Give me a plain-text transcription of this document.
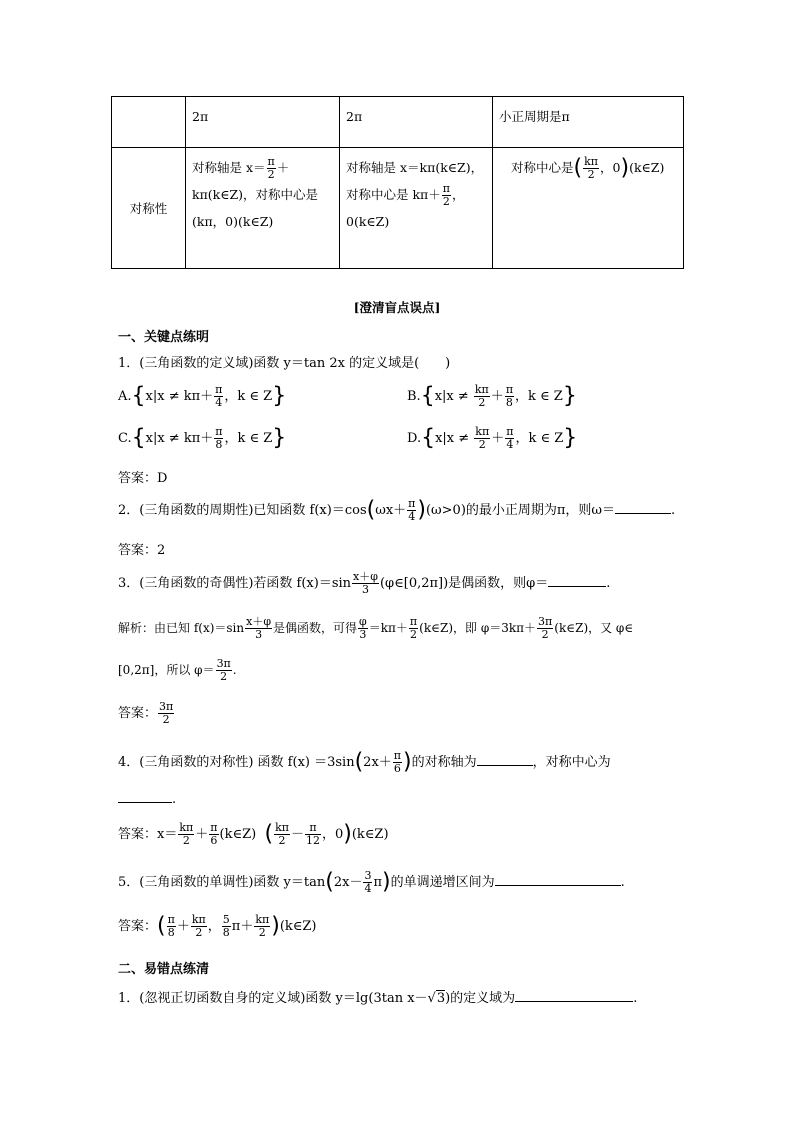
	2π	2π	小正周期是π
对称性	对称轴是 $x= \frac{\pi}{2}$ ＋kπ(k∈Z)，对称中心是(kπ，0)(k∈Z)	对称轴是 x＝kπ(k∈Z)，对称中心是 $k\pi+ \frac{\pi}{2}$ ，0(k∈Z)	对称中心是( $\frac{k\pi}{2}$ ，0)(k∈Z)
[澄清盲点误点]
一、关键点练明
1．(三角函数的定义域)函数 y＝tan 2x 的定义域是(　　)
$A.\{x|x \ne k\pi+ \frac{\pi}{4}$ ，k ∈ Z}	$B.\{x|x \ne \frac{k\pi}{2} + \frac{\pi}{8}$ ，k ∈ Z}
$C.\{x|x \ne k\pi+ \frac{\pi}{8}$ ，k ∈ Z}	$D.\{x|x \ne \frac{k\pi}{2} + \frac{\pi}{4}$ ，k ∈ Z}
答案：D
2．(三角函数的周期性)已知函数 $f(x)=\cos(\omega x+ \frac{\pi}{4} )(\omega>0)$的最小正周期为π，则ω＝	.
答案：2
3．(三角函数的奇偶性)若函数 $f(x)=\sin \frac{x+\varphi}{3}$ (φ∈[0,2π])是偶函数，则φ＝	.
解析：由已知 $f(x)=\sin \frac{x+\varphi}{3}$ 是偶函数，可得 $\frac{\varphi}{3} =k\pi+ \frac{\pi}{2}$ (k∈Z)，即 $\varphi=3k\pi+ \frac{3\pi}{2}$ (k∈Z)，又 φ∈
[0,2π]，所以 $\varphi= \frac{3\pi}{2}$ .
答案： $\frac{3\pi}{2}$
4．(三角函数的对称性) 函数 $f(x) =3\sin(2x+ \frac{\pi}{6}$ )的对称轴为	，对称中心为
.
答案：$x= \frac{k\pi}{2} + \frac{\pi}{6}$ (k∈Z) ( $\frac{k\pi}{2} - \frac{\pi}{12}$ ，0)(k∈Z)
5．(三角函数的单调性)函数 $y=\tan(2x- \frac{3}{4} \pi)$的单调递增区间为	.
答案：( $\frac{\pi}{8} + \frac{k\pi}{2}$ ， $\frac{5}{8} \pi+ \frac{k\pi}{2}$ )(k∈Z)
二、易错点练清
1．(忽视正切函数自身的定义域)函数 y＝lg(3tan x－√3)的定义域为	.
